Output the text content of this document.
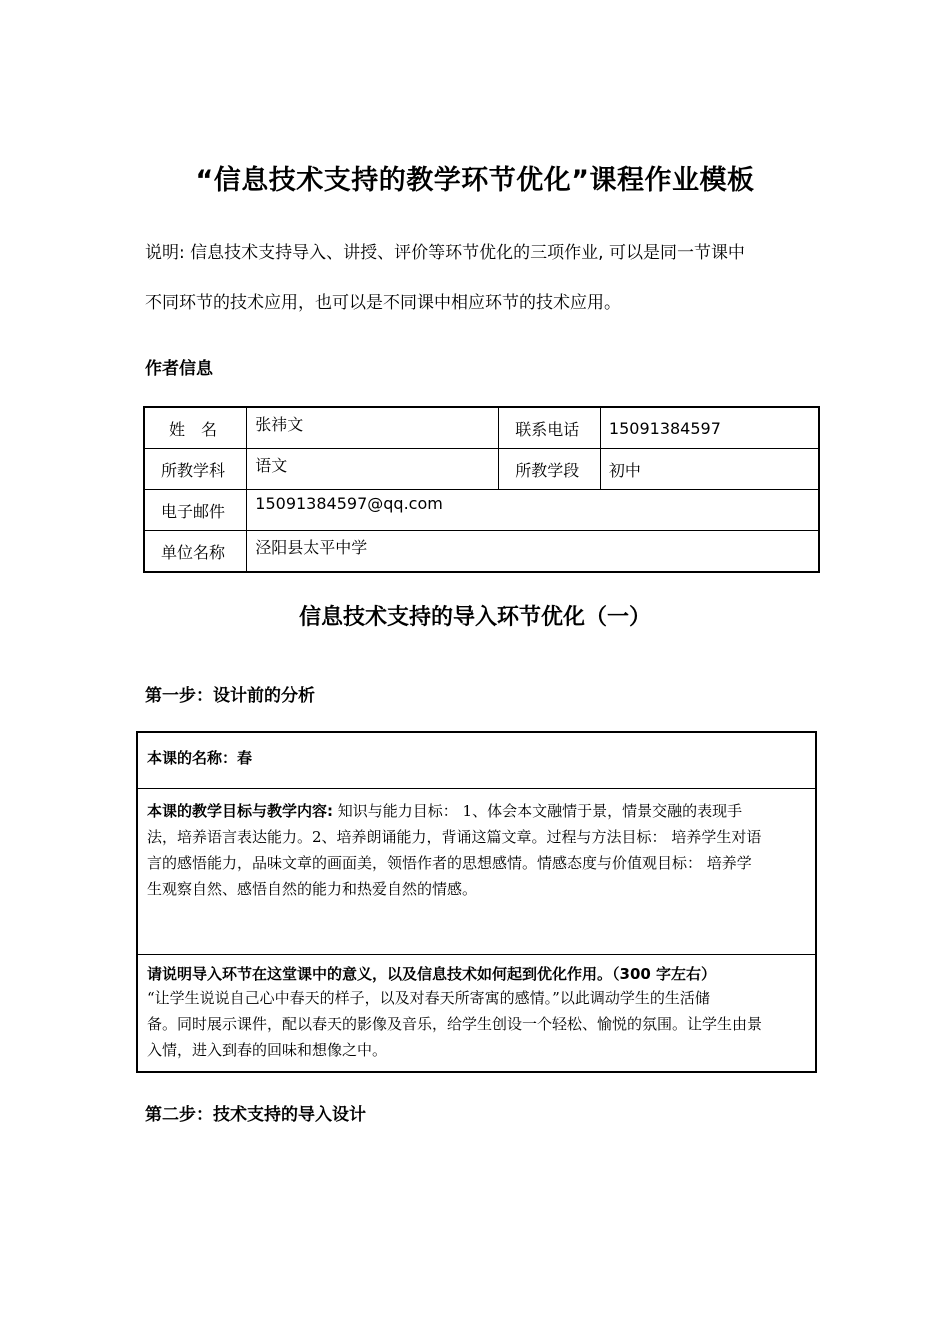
“信息技术支持的教学环节优化”课程作业模板
说明: 信息技术支持导入、讲授、评价等环节优化的三项作业, 可以是同一节课中
不同环节的技术应用，也可以是不同课中相应环节的技术应用。
作者信息
姓　名	张祎文	联系电话	15091384597
所教学科	语文	所教学段	初中
电子邮件	15091384597@qq.com		
单位名称	泾阳县太平中学		
信息技术支持的导入环节优化（一）
第一步：设计前的分析
本课的名称：春
本课的教学目标与教学内容: 知识与能力目标： 1、体会本文融情于景，情景交融的表现手
法，培养语言表达能力。2、培养朗诵能力，背诵这篇文章。过程与方法目标： 培养学生对语
言的感悟能力，品味文章的画面美，领悟作者的思想感情。情感态度与价值观目标： 培养学
生观察自然、感悟自然的能力和热爱自然的情感。
请说明导入环节在这堂课中的意义，以及信息技术如何起到优化作用。（300 字左右）
“让学生说说自己心中春天的样子，以及对春天所寄寓的感情。”以此调动学生的生活储
备。同时展示课件，配以春天的影像及音乐，给学生创设一个轻松、愉悦的氛围。让学生由景
入情，进入到春的回味和想像之中。
第二步：技术支持的导入设计
